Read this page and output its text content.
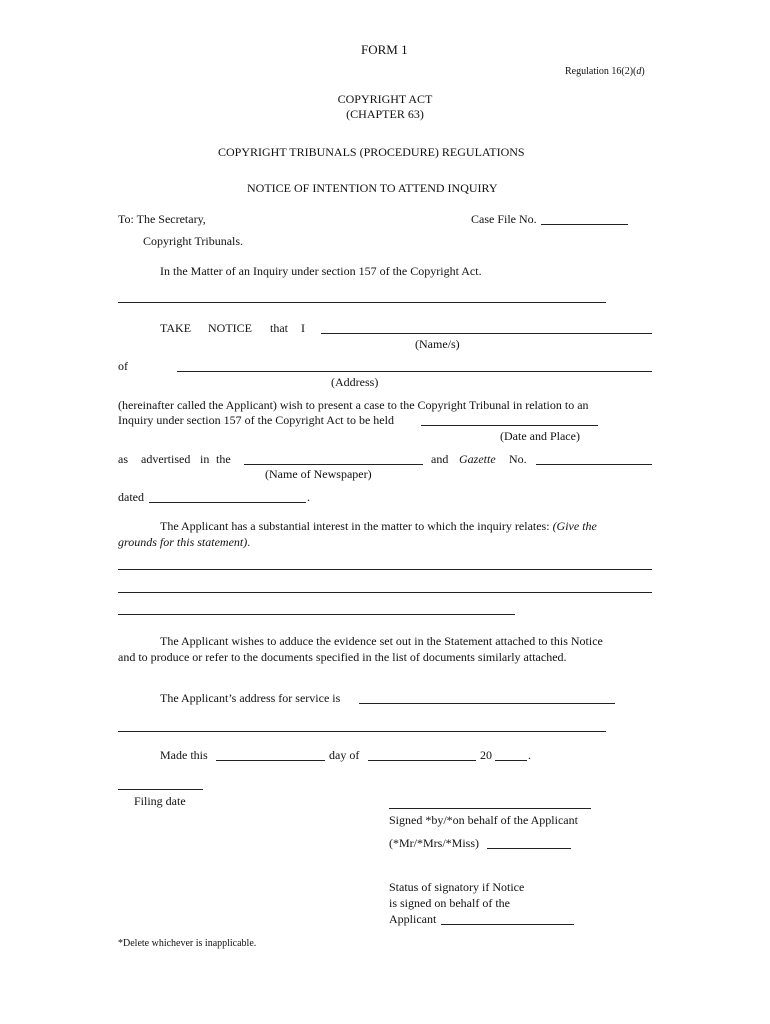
FORM 1
Regulation 16(2)(d)
COPYRIGHT ACT
(CHAPTER 63)
COPYRIGHT TRIBUNALS (PROCEDURE) REGULATIONS
NOTICE OF INTENTION TO ATTEND INQUIRY
To: The Secretary,	Case File No.
Copyright Tribunals.
In the Matter of an Inquiry under section 157 of the Copyright Act.
TAKE NOTICE that I
(Name/s)
of
(Address)
(hereinafter called the Applicant) wish to present a case to the Copyright Tribunal in relation to an
Inquiry under section 157 of the Copyright Act to be held
(Date and Place)
as advertised in the	and Gazette No.
(Name of Newspaper)
dated	.
The Applicant has a substantial interest in the matter to which the inquiry relates: (Give the
grounds for this statement).
The Applicant wishes to adduce the evidence set out in the Statement attached to this Notice
and to produce or refer to the documents specified in the list of documents similarly attached.
The Applicant’s address for service is
Made this	day of	20	.
Filing date
Signed *by/*on behalf of the Applicant
(*Mr/*Mrs/*Miss)
Status of signatory if Notice
is signed on behalf of the
Applicant
*Delete whichever is inapplicable.
